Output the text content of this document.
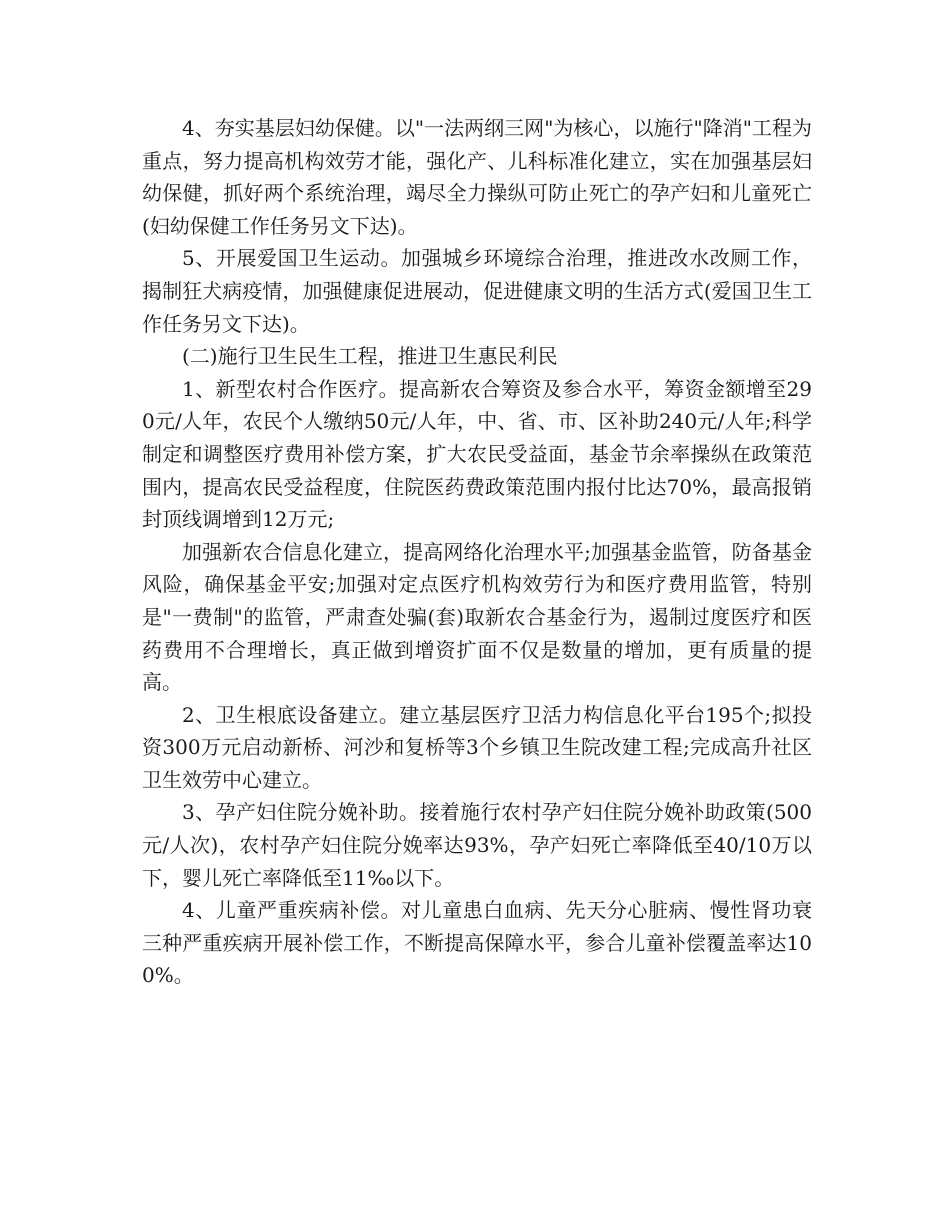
4、夯实基层妇幼保健。以"一法两纲三网"为核心，以施行"降消"工程为重点，努力提高机构效劳才能，强化产、儿科标准化建立，实在加强基层妇幼保健，抓好两个系统治理，竭尽全力操纵可防止死亡的孕产妇和儿童死亡(妇幼保健工作任务另文下达)。

5、开展爱国卫生运动。加强城乡环境综合治理，推进改水改厕工作，揭制狂犬病疫情，加强健康促进展动，促进健康文明的生活方式(爱国卫生工作任务另文下达)。

(二)施行卫生民生工程，推进卫生惠民利民

1、新型农村合作医疗。提高新农合筹资及参合水平，筹资金额增至290元/人年，农民个人缴纳50元/人年，中、省、市、区补助240元/人年;科学制定和调整医疗费用补偿方案，扩大农民受益面，基金节余率操纵在政策范围内，提高农民受益程度，住院医药费政策范围内报付比达70%，最高报销封顶线调增到12万元;

加强新农合信息化建立，提高网络化治理水平;加强基金监管，防备基金风险，确保基金平安;加强对定点医疗机构效劳行为和医疗费用监管，特别是"一费制"的监管，严肃查处骗(套)取新农合基金行为，遏制过度医疗和医药费用不合理增长，真正做到增资扩面不仅是数量的增加，更有质量的提高。

2、卫生根底设备建立。建立基层医疗卫活力构信息化平台195个;拟投资300万元启动新桥、河沙和复桥等3个乡镇卫生院改建工程;完成高升社区卫生效劳中心建立。

3、孕产妇住院分娩补助。接着施行农村孕产妇住院分娩补助政策(500元/人次)，农村孕产妇住院分娩率达93%，孕产妇死亡率降低至40/10万以下，婴儿死亡率降低至11‰以下。

4、儿童严重疾病补偿。对儿童患白血病、先天分心脏病、慢性肾功衰三种严重疾病开展补偿工作，不断提高保障水平，参合儿童补偿覆盖率达100%。
